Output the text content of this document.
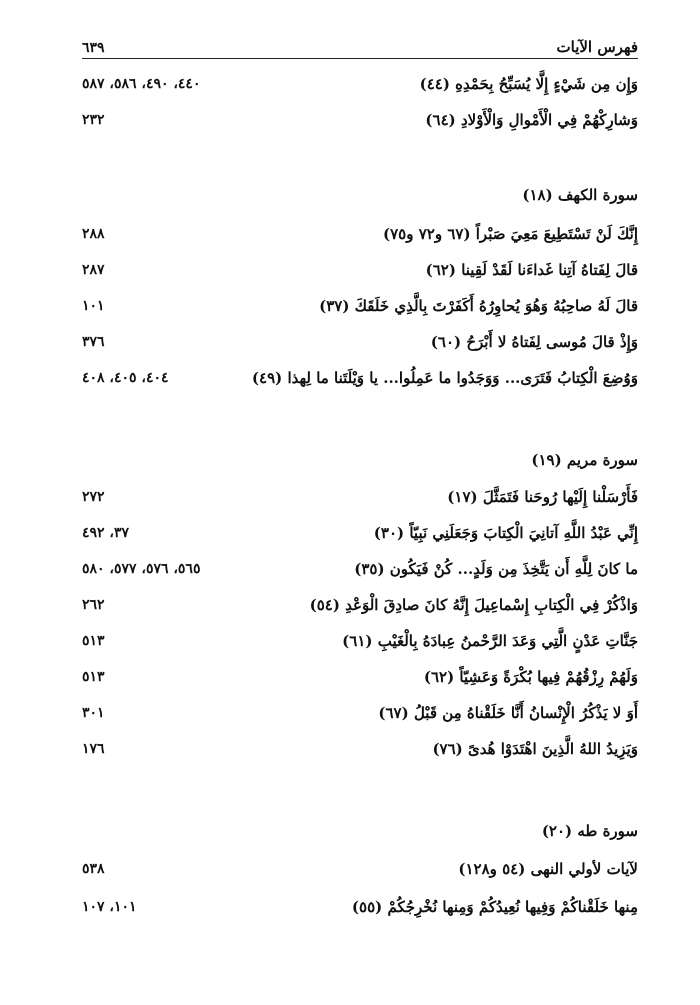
فهرس الآيات
٦٣٩
وَإِن مِن شَيْءٍ إِلَّا يُسَبِّحُ بِحَمْدِهِ (٤٤)
٤٤٠، ٤٩٠، ٥٨٦، ٥٨٧
وَشارِكْهُمْ فِي الْأَمْوالِ وَالْأَوْلادِ (٦٤)
٢٣٢
سورة الكهف (١٨)
إِنَّكَ لَنْ تَسْتَطِيعَ مَعِيَ صَبْراً (٦٧ و٧٢ و٧٥)
٢٨٨
قالَ لِفَتاهُ آتِنا غَداءَنا لَقَدْ لَقِينا (٦٢)
٢٨٧
قالَ لَهُ صاحِبُهُ وَهُوَ يُحاوِرُهُ أَكَفَرْتَ بِالَّذِي خَلَقَكَ (٣٧)
١٠١
وَإِذْ قالَ مُوسى لِفَتاهُ لا أَبْرَحُ (٦٠)
٣٧٦
وَوُضِعَ الْكِتابُ فَتَرَى... وَوَجَدُوا ما عَمِلُوا... يا وَيْلَتَنا ما لِهذا (٤٩)
٤٠٤، ٤٠٥، ٤٠٨
سورة مريم (١٩)
فَأَرْسَلْنا إِلَيْها رُوحَنا فَتَمَثَّلَ (١٧)
٢٧٢
إِنِّي عَبْدُ اللَّهِ آتانِيَ الْكِتابَ وَجَعَلَنِي نَبِيّاً (٣٠)
٣٧، ٤٩٢
ما كانَ لِلَّهِ أَن يَتَّخِذَ مِن وَلَدٍ... كُنْ فَيَكُون (٣٥)
٥٦٥، ٥٧٦، ٥٧٧، ٥٨٠
وَاذْكُرْ فِي الْكِتابِ إِسْماعِيلَ إِنَّهُ كانَ صادِقَ الْوَعْدِ (٥٤)
٢٦٢
جَنَّاتِ عَدْنٍ الَّتِي وَعَدَ الرَّحْمنُ عِبادَهُ بِالْغَيْبِ (٦١)
٥١٣
وَلَهُمْ رِزْقُهُمْ فِيها بُكْرَةً وَعَشِيّاً (٦٢)
٥١٣
أَوَ لا يَذْكُرُ الْإِنْسانُ أَنَّا خَلَقْناهُ مِن قَبْلُ (٦٧)
٣٠١
وَيَزِيدُ اللهُ الَّذِينَ اهْتَدَوْا هُدىً (٧٦)
١٧٦
سورة طه (٢٠)
لآيات لأولي النهى (٥٤ و١٢٨)
٥٣٨
مِنها خَلَقْناكُمْ وَفِيها نُعِيدُكُمْ وَمِنها نُخْرِجُكُمْ (٥٥)
١٠١، ١٠٧
